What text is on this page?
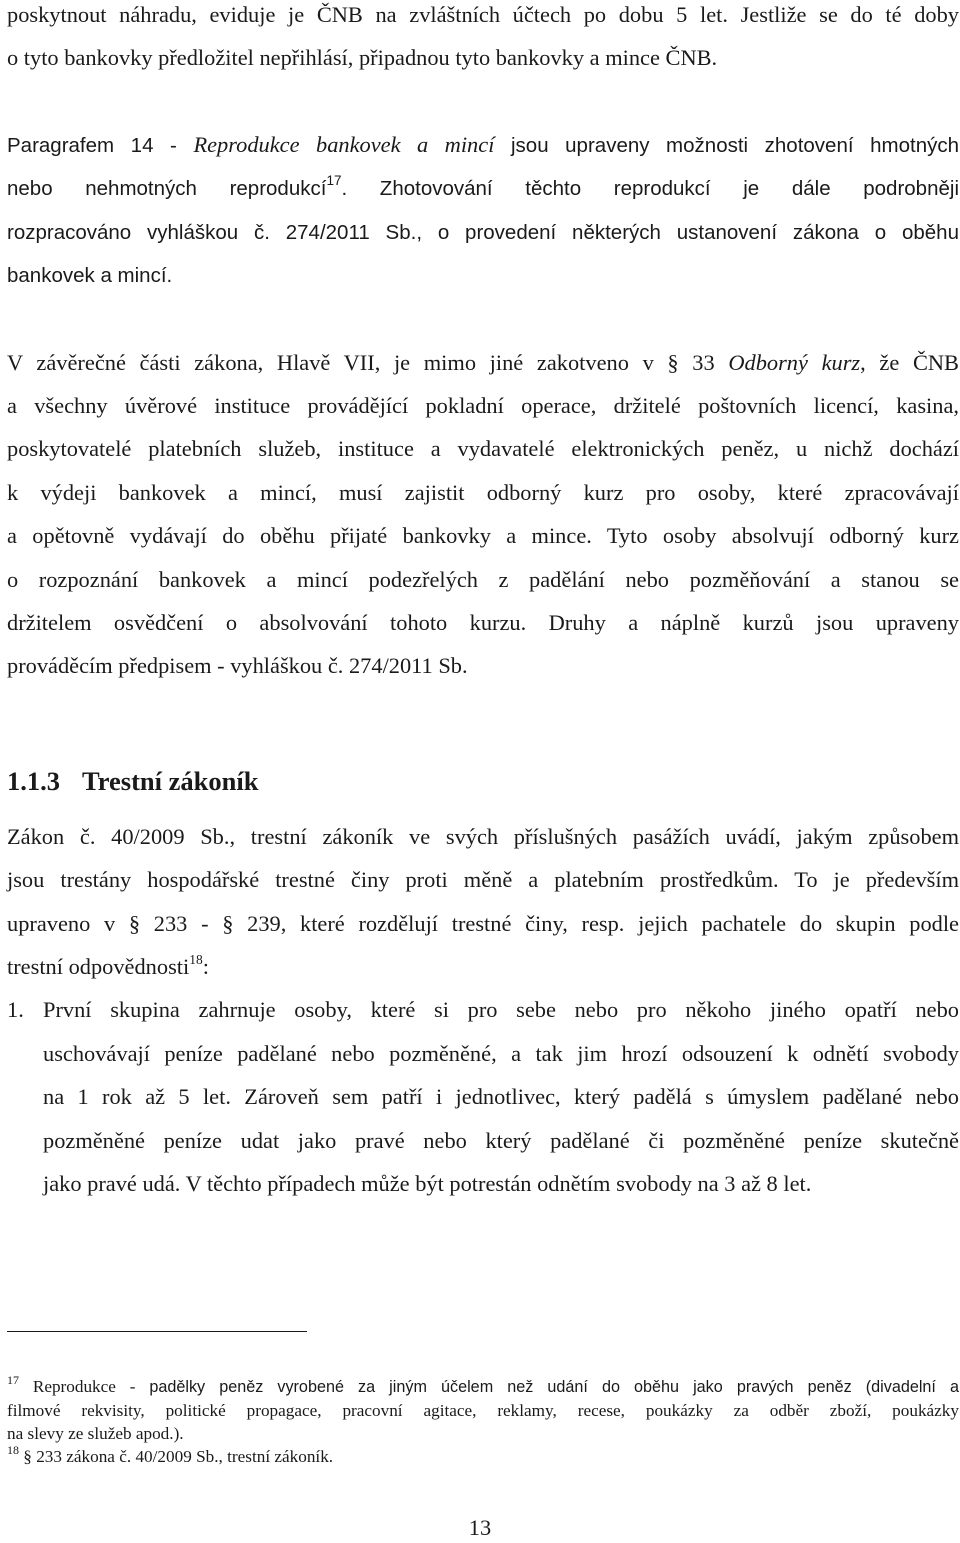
poskytnout náhradu, eviduje je ČNB na zvláštních účtech po dobu 5 let. Jestliže se do té doby

o tyto bankovky předložitel nepřihlásí, připadnou tyto bankovky a mince ČNB.

Paragrafem 14 - Reprodukce bankovek a mincí jsou upraveny možnosti zhotovení hmotných

nebo nehmotných reprodukcí$^{17}$. Zhotovování těchto reprodukcí je dále podrobněji

rozpracováno vyhláškou č. 274/2011 Sb., o provedení některých ustanovení zákona o oběhu

bankovek a mincí.

V závěrečné části zákona, Hlavě VII, je mimo jiné zakotveno v § 33 Odborný kurz, že ČNB

a všechny úvěrové instituce provádějící pokladní operace, držitelé poštovních licencí, kasina,

poskytovatelé platebních služeb, instituce a vydavatelé elektronických peněz, u nichž dochází

k výdeji bankovek a mincí, musí zajistit odborný kurz pro osoby, které zpracovávají

a opětovně vydávají do oběhu přijaté bankovky a mince. Tyto osoby absolvují odborný kurz

o rozpoznání bankovek a mincí podezřelých z padělání nebo pozměňování a stanou se

držitelem osvědčení o absolvování tohoto kurzu. Druhy a náplně kurzů jsou upraveny

prováděcím předpisem - vyhláškou č. 274/2011 Sb.

1.1.3 Trestní zákoník

Zákon č. 40/2009 Sb., trestní zákoník ve svých příslušných pasážích uvádí, jakým způsobem

jsou trestány hospodářské trestné činy proti měně a platebním prostředkům. To je především

upraveno v § 233 - § 239, které rozdělují trestné činy, resp. jejich pachatele do skupin podle

trestní odpovědnosti$^{18}$:

1. První skupina zahrnuje osoby, které si pro sebe nebo pro někoho jiného opatří nebo

uschovávají peníze padělané nebo pozměněné, a tak jim hrozí odsouzení k odnětí svobody

na 1 rok až 5 let. Zároveň sem patří i jednotlivec, který padělá s úmyslem padělané nebo

pozměněné peníze udat jako pravé nebo který padělané či pozměněné peníze skutečně

jako pravé udá. V těchto případech může být potrestán odnětím svobody na 3 až 8 let.

$^{17}$ Reprodukce - padělky peněz vyrobené za jiným účelem než udání do oběhu jako pravých peněz (divadelní a

filmové rekvisity, politické propagace, pracovní agitace, reklamy, recese, poukázky za odběr zboží, poukázky

na slevy ze služeb apod.).

$^{18}$ § 233 zákona č. 40/2009 Sb., trestní zákoník.

13
